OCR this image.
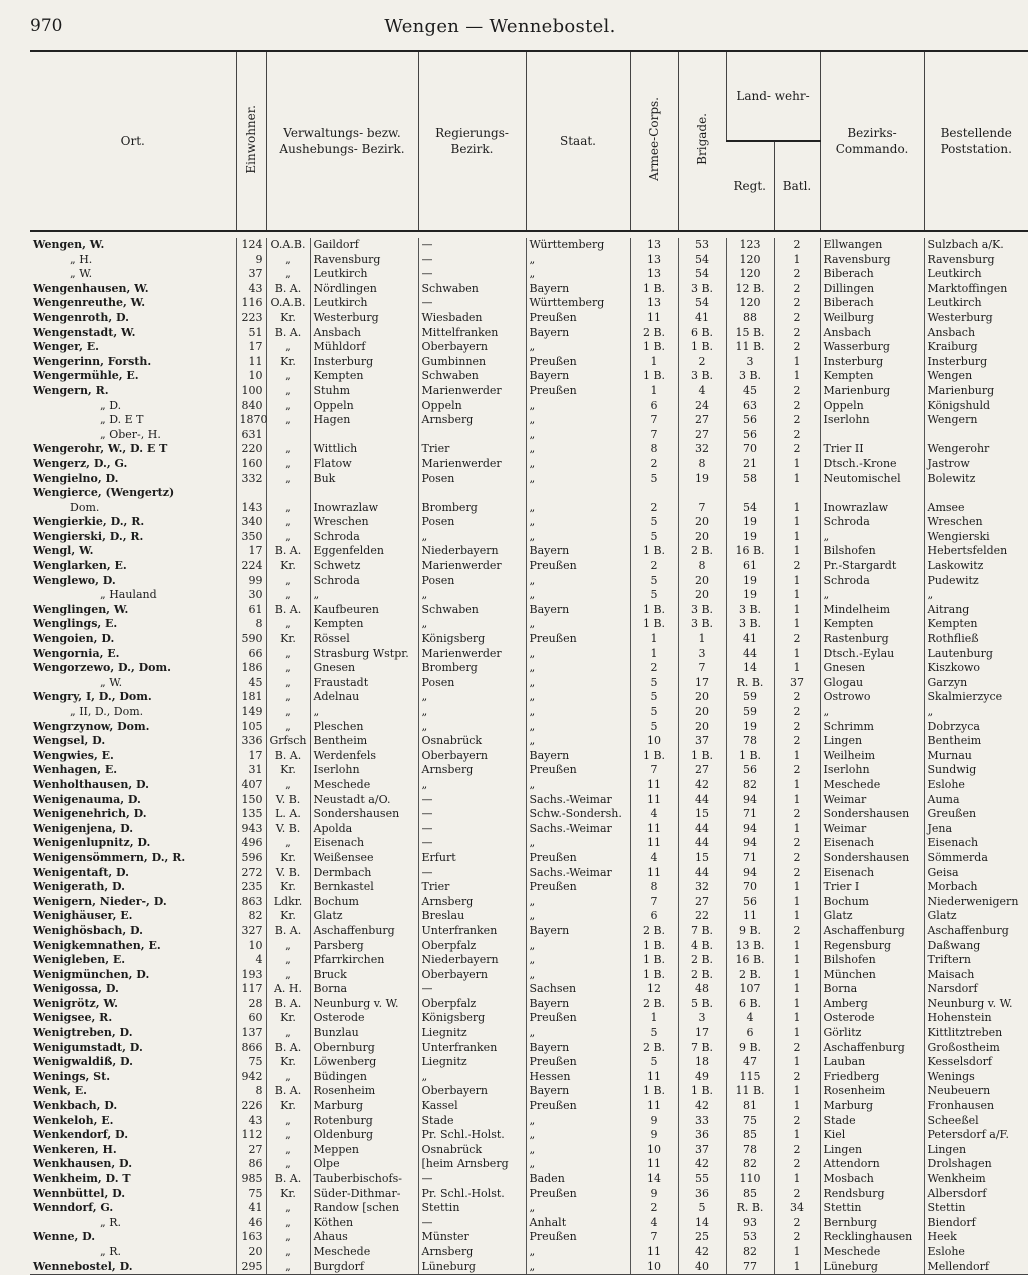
970	Wengen — Wennebostel.
Ort.	Einwohner.	Verwaltungs- bezw. Aushebungs- Bezirk.		Regierungs- Bezirk.	Staat.	Armee-Corps.	Brigade.	Land- wehr-		Bezirks- Commando.	Bestellende Poststation.
								Regt.	Batl.		

Wengen, W.	124	O.A.B.	Gaildorf	—	Württemberg	13	53	123	2	Ellwangen	Sulzbach a/K.
„ H.	9	„	Ravensburg	—	„	13	54	120	1	Ravensburg	Ravensburg
„ W.	37	„	Leutkirch	—	„	13	54	120	2	Biberach	Leutkirch
Wengenhausen, W.	43	B. A.	Nördlingen	Schwaben	Bayern	1 B.	3 B.	12 B.	2	Dillingen	Marktoffingen
Wengenreuthe, W.	116	O.A.B.	Leutkirch	—	Württemberg	13	54	120	2	Biberach	Leutkirch
Wengenroth, D.	223	Kr.	Westerburg	Wiesbaden	Preußen	11	41	88	2	Weilburg	Westerburg
Wengenstadt, W.	51	B. A.	Ansbach	Mittelfranken	Bayern	2 B.	6 B.	15 B.	2	Ansbach	Ansbach
Wenger, E.	17	„	Mühldorf	Oberbayern	„	1 B.	1 B.	11 B.	2	Wasserburg	Kraiburg
Wengerinn, Forsth.	11	Kr.	Insterburg	Gumbinnen	Preußen	1	2	3	1	Insterburg	Insterburg
Wengermühle, E.	10	„	Kempten	Schwaben	Bayern	1 B.	3 B.	3 B.	1	Kempten	Wengen
Wengern, R.	100	„	Stuhm	Marienwerder	Preußen	1	4	45	2	Marienburg	Marienburg
„ D.	840	„	Oppeln	Oppeln	„	6	24	63	2	Oppeln	Königshuld
„ D. E T	1870	„	Hagen	Arnsberg	„	7	27	56	2	Iserlohn	Wengern
„ Ober-, H.	631				„	7	27	56	2		
Wengerohr, W., D. E T	220	„	Wittlich	Trier	„	8	32	70	2	Trier II	Wengerohr
Wengerz, D., G.	160	„	Flatow	Marienwerder	„	2	8	21	1	Dtsch.-Krone	Jastrow
Wengielno, D.	332	„	Buk	Posen	„	5	19	58	1	Neutomischel	Bolewitz
Wengierce, (Wengertz)											
Dom.	143	„	Inowrazlaw	Bromberg	„	2	7	54	1	Inowrazlaw	Amsee
Wengierkie, D., R.	340	„	Wreschen	Posen	„	5	20	19	1	Schroda	Wreschen
Wengierski, D., R.	350	„	Schroda	„	„	5	20	19	1	„	Wengierski
Wengl, W.	17	B. A.	Eggenfelden	Niederbayern	Bayern	1 B.	2 B.	16 B.	1	Bilshofen	Hebertsfelden
Wenglarken, E.	224	Kr.	Schwetz	Marienwerder	Preußen	2	8	61	2	Pr.-Stargardt	Laskowitz
Wenglewo, D.	99	„	Schroda	Posen	„	5	20	19	1	Schroda	Pudewitz
„ Hauland	30	„	„	„	„	5	20	19	1	„	„
Wenglingen, W.	61	B. A.	Kaufbeuren	Schwaben	Bayern	1 B.	3 B.	3 B.	1	Mindelheim	Aitrang
Wenglings, E.	8	„	Kempten	„	„	1 B.	3 B.	3 B.	1	Kempten	Kempten
Wengoien, D.	590	Kr.	Rössel	Königsberg	Preußen	1	1	41	2	Rastenburg	Rothfließ
Wengornia, E.	66	„	Strasburg Wstpr.	Marienwerder	„	1	3	44	1	Dtsch.-Eylau	Lautenburg
Wengorzewo, D., Dom.	186	„	Gnesen	Bromberg	„	2	7	14	1	Gnesen	Kiszkowo
„ W.	45	„	Fraustadt	Posen	„	5	17	R. B.	37	Glogau	Garzyn
Wengry, I, D., Dom.	181	„	Adelnau	„	„	5	20	59	2	Ostrowo	Skalmierzyce
„ II, D., Dom.	149	„	„	„	„	5	20	59	2	„	„
Wengrzynow, Dom.	105	„	Pleschen	„	„	5	20	19	2	Schrimm	Dobrzyca
Wengsel, D.	336	Grfsch	Bentheim	Osnabrück	„	10	37	78	2	Lingen	Bentheim
Wengwies, E.	17	B. A.	Werdenfels	Oberbayern	Bayern	1 B.	1 B.	1 B.	1	Weilheim	Murnau
Wenhagen, E.	31	Kr.	Iserlohn	Arnsberg	Preußen	7	27	56	2	Iserlohn	Sundwig
Wenholthausen, D.	407	„	Meschede	„	„	11	42	82	1	Meschede	Eslohe
Wenigenauma, D.	150	V. B.	Neustadt a/O.	—	Sachs.-Weimar	11	44	94	1	Weimar	Auma
Wenigenehrich, D.	135	L. A.	Sondershausen	—	Schw.-Sondersh.	4	15	71	2	Sondershausen	Greußen
Wenigenjena, D.	943	V. B.	Apolda	—	Sachs.-Weimar	11	44	94	1	Weimar	Jena
Wenigenlupnitz, D.	496	„	Eisenach	—	„	11	44	94	2	Eisenach	Eisenach
Wenigensömmern, D., R.	596	Kr.	Weißensee	Erfurt	Preußen	4	15	71	2	Sondershausen	Sömmerda
Wenigentaft, D.	272	V. B.	Dermbach	—	Sachs.-Weimar	11	44	94	2	Eisenach	Geisa
Wenigerath, D.	235	Kr.	Bernkastel	Trier	Preußen	8	32	70	1	Trier I	Morbach
Wenigern, Nieder-, D.	863	Ldkr.	Bochum	Arnsberg	„	7	27	56	1	Bochum	Niederwenigern
Wenighäuser, E.	82	Kr.	Glatz	Breslau	„	6	22	11	1	Glatz	Glatz
Wenighösbach, D.	327	B. A.	Aschaffenburg	Unterfranken	Bayern	2 B.	7 B.	9 B.	2	Aschaffenburg	Aschaffenburg
Wenigkemnathen, E.	10	„	Parsberg	Oberpfalz	„	1 B.	4 B.	13 B.	1	Regensburg	Daßwang
Wenigleben, E.	4	„	Pfarrkirchen	Niederbayern	„	1 B.	2 B.	16 B.	1	Bilshofen	Triftern
Wenigmünchen, D.	193	„	Bruck	Oberbayern	„	1 B.	2 B.	2 B.	1	München	Maisach
Wenigossa, D.	117	A. H.	Borna	—	Sachsen	12	48	107	1	Borna	Narsdorf
Wenigrötz, W.	28	B. A.	Neunburg v. W.	Oberpfalz	Bayern	2 B.	5 B.	6 B.	1	Amberg	Neunburg v. W.
Wenigsee, R.	60	Kr.	Osterode	Königsberg	Preußen	1	3	4	1	Osterode	Hohenstein
Wenigtreben, D.	137	„	Bunzlau	Liegnitz	„	5	17	6	1	Görlitz	Kittlitztreben
Wenigumstadt, D.	866	B. A.	Obernburg	Unterfranken	Bayern	2 B.	7 B.	9 B.	2	Aschaffenburg	Großostheim
Wenigwaldiß, D.	75	Kr.	Löwenberg	Liegnitz	Preußen	5	18	47	1	Lauban	Kesselsdorf
Wenings, St.	942	„	Büdingen	„	Hessen	11	49	115	2	Friedberg	Wenings
Wenk, E.	8	B. A.	Rosenheim	Oberbayern	Bayern	1 B.	1 B.	11 B.	1	Rosenheim	Neubeuern
Wenkbach, D.	226	Kr.	Marburg	Kassel	Preußen	11	42	81	1	Marburg	Fronhausen
Wenkeloh, E.	43	„	Rotenburg	Stade	„	9	33	75	2	Stade	Scheeßel
Wenkendorf, D.	112	„	Oldenburg	Pr. Schl.-Holst.	„	9	36	85	1	Kiel	Petersdorf a/F.
Wenkeren, H.	27	„	Meppen	Osnabrück	„	10	37	78	2	Lingen	Lingen
Wenkhausen, D.	86	„	Olpe	[heim Arnsberg	„	11	42	82	2	Attendorn	Drolshagen
Wenkheim, D. T	985	B. A.	Tauberbischofs-	—	Baden	14	55	110	1	Mosbach	Wenkheim
Wennbüttel, D.	75	Kr.	Süder-Dithmar-	Pr. Schl.-Holst.	Preußen	9	36	85	2	Rendsburg	Albersdorf
Wenndorf, G.	41	„	Randow [schen	Stettin	„	2	5	R. B.	34	Stettin	Stettin
„ R.	46	„	Köthen	—	Anhalt	4	14	93	2	Bernburg	Biendorf
Wenne, D.	163	„	Ahaus	Münster	Preußen	7	25	53	2	Recklinghausen	Heek
„ R.	20	„	Meschede	Arnsberg	„	11	42	82	1	Meschede	Eslohe
Wennebostel, D.	295	„	Burgdorf	Lüneburg	„	10	40	77	1	Lüneburg	Mellendorf
